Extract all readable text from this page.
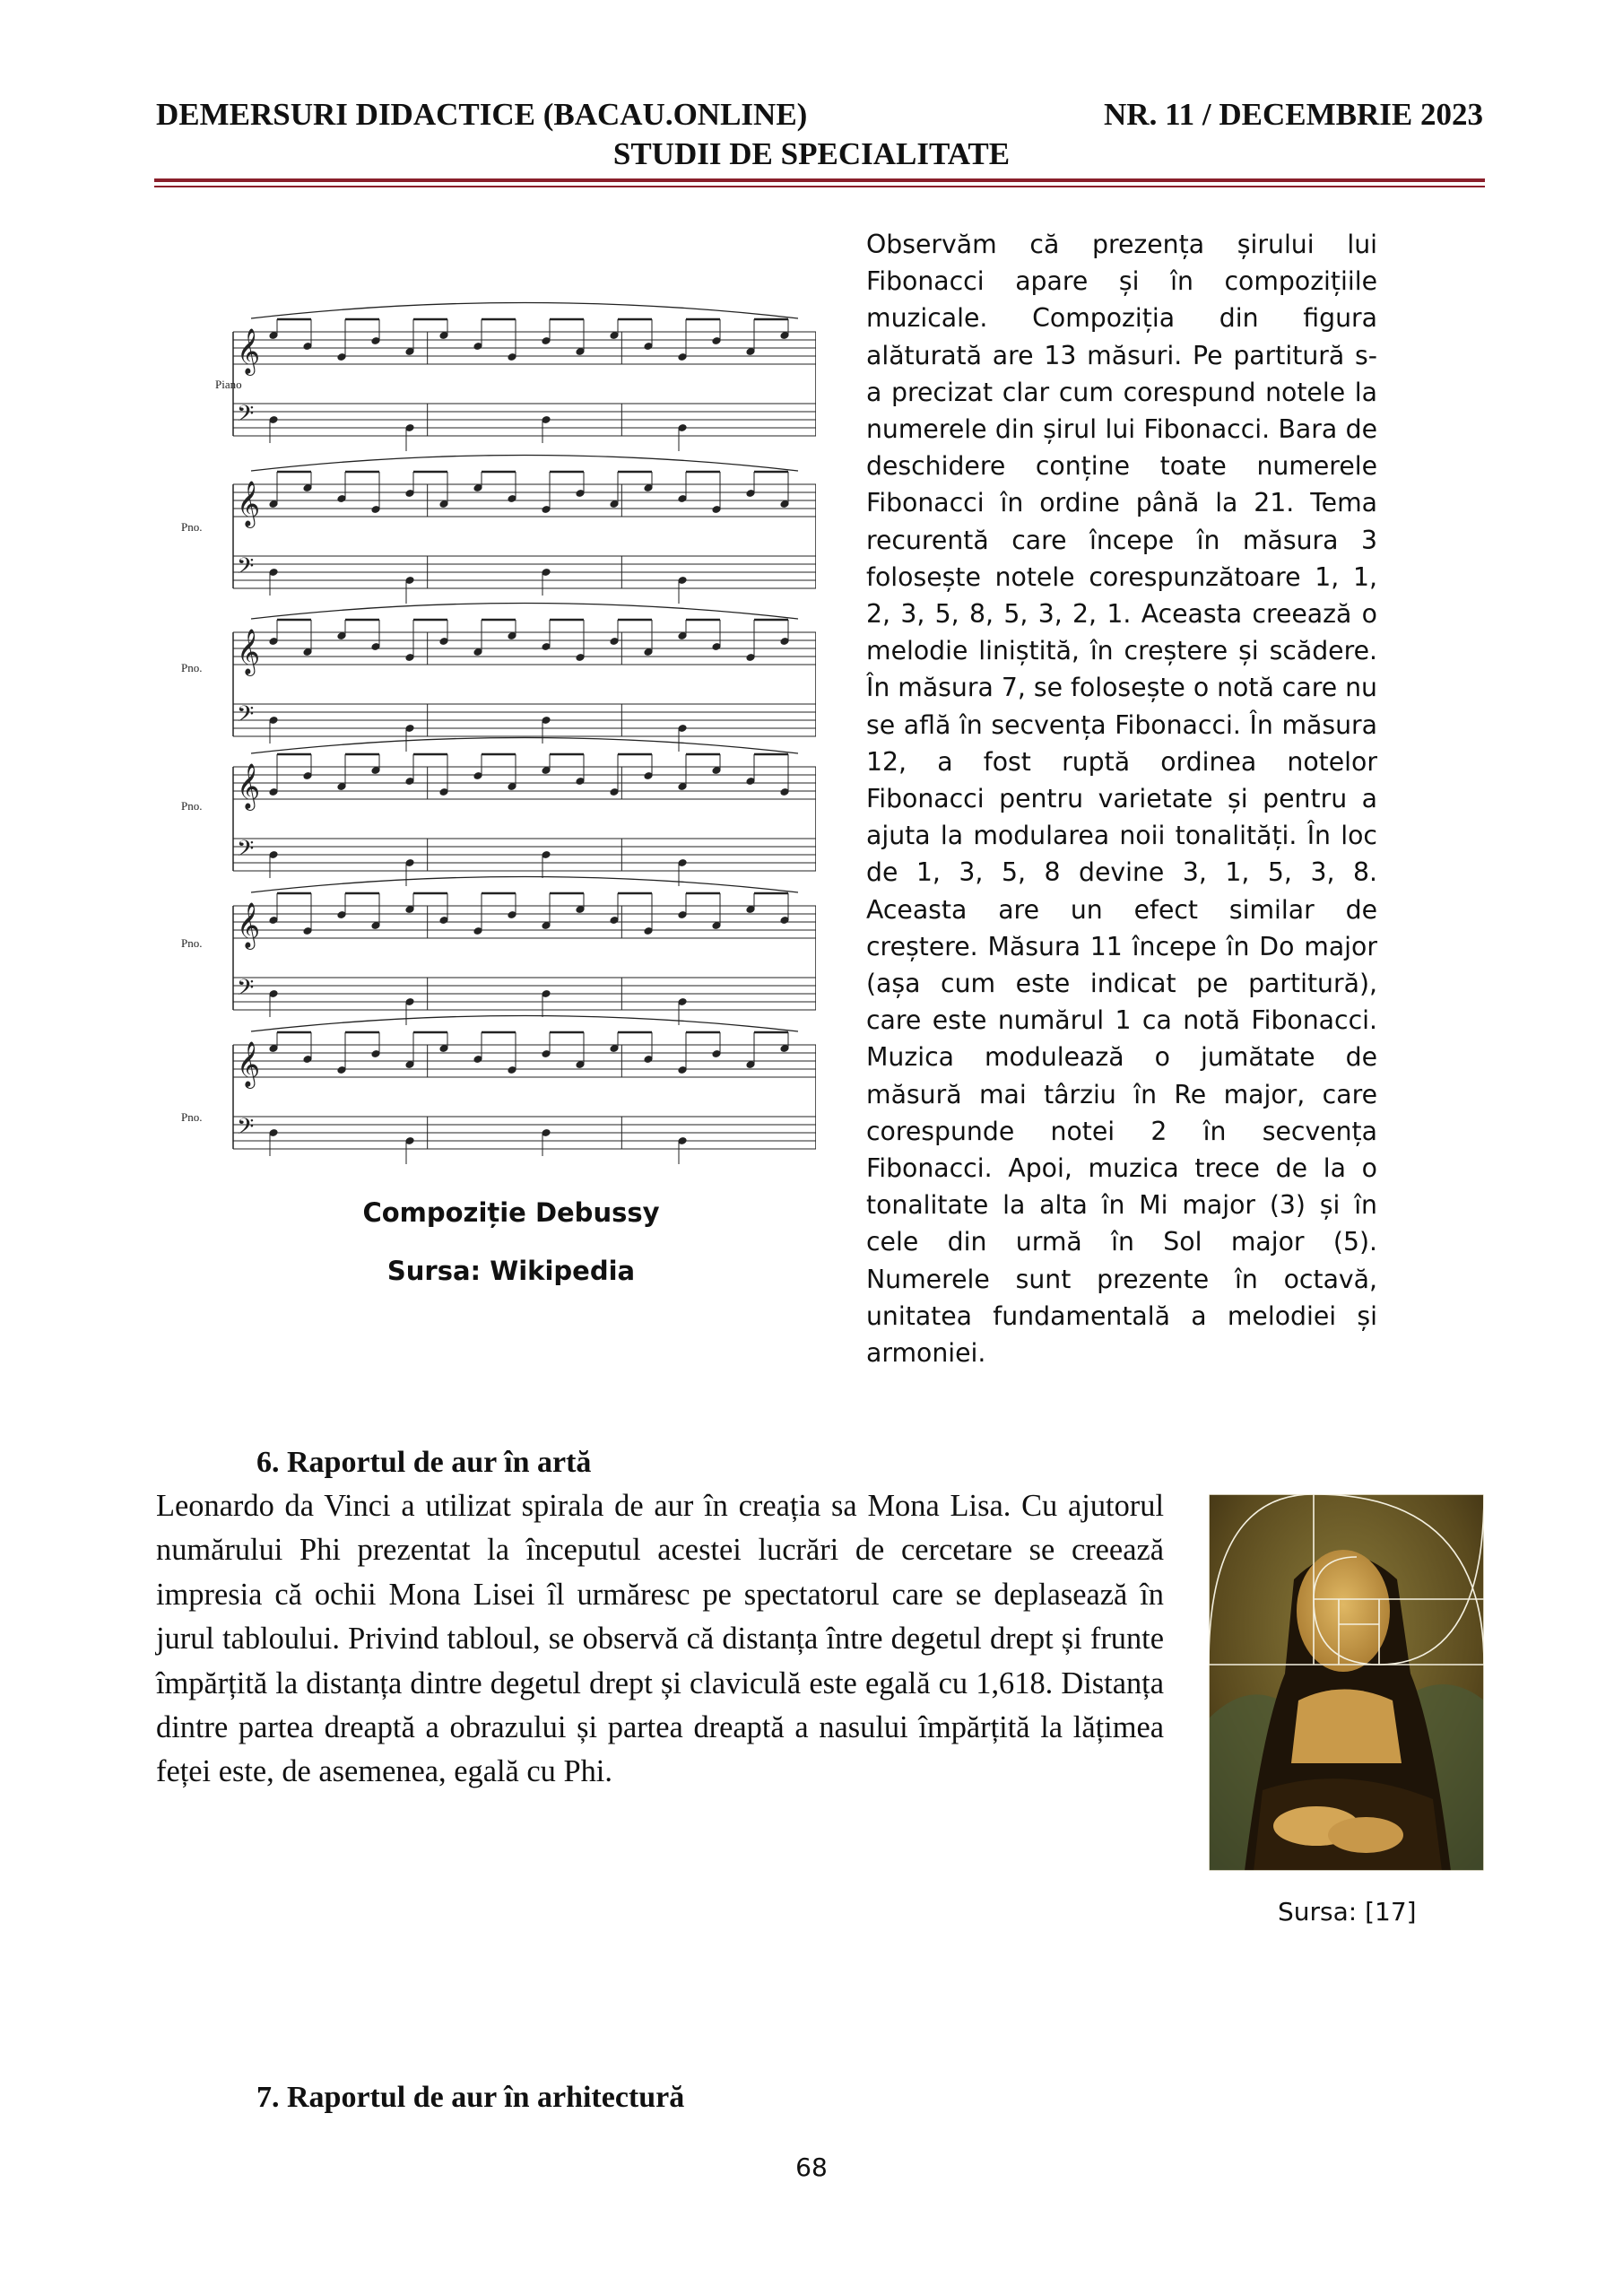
DEMERSURI DIDACTICE (BACAU.ONLINE)	NR. 11 / DECEMBRIE 2023
STUDII DE SPECIALITATE
𝄞
𝄢
𝄞
𝄢
𝄞
𝄢
𝄞
𝄢
𝄞
𝄢
𝄞
𝄢
Piano
Pno.
Pno.
Pno.
Pno.
Pno.
Compoziție Debussy
Sursa: Wikipedia
Observăm că prezența șirului lui Fibonacci apare și în compozițiile muzicale. Compoziția din figura alăturată are 13 măsuri. Pe partitură s-a precizat clar cum corespund notele la numerele din șirul lui Fibonacci. Bara de deschidere conține toate numerele Fibonacci în ordine până la 21. Tema recurentă care începe în măsura 3 folosește notele corespunzătoare 1, 1, 2, 3, 5, 8, 5, 3, 2, 1. Aceasta creează o melodie liniștită, în creștere și scădere. În măsura 7, se folosește o notă care nu se află în secvența Fibonacci. În măsura 12, a fost ruptă ordinea notelor Fibonacci pentru varietate și pentru a ajuta la modularea noii tonalități. În loc de 1, 3, 5, 8 devine 3, 1, 5, 3, 8. Aceasta are un efect similar de creștere. Măsura 11 începe în Do major (așa cum este indicat pe partitură), care este numărul 1 ca notă Fibonacci. Muzica modulează o jumătate de măsură mai târziu în Re major, care corespunde notei 2 în secvența Fibonacci. Apoi, muzica trece de la o tonalitate la alta în Mi major (3) și în cele din urmă în Sol major (5). Numerele sunt prezente în octavă, unitatea fundamentală a melodiei și armoniei.
6. Raportul de aur în artă
Leonardo da Vinci a utilizat spirala de aur în creația sa Mona Lisa. Cu ajutorul numărului Phi prezentat la începutul acestei lucrări de cercetare se creează impresia că ochii Mona Lisei îl urmăresc pe spectatorul care se deplasează în jurul tabloului. Privind tabloul, se observă că distanța între degetul drept și frunte împărțită la distanța dintre degetul drept și claviculă este egală cu 1,618. Distanța dintre partea dreaptă a obrazului și partea dreaptă a nasului împărțită la lățimea feței este, de asemenea, egală cu Phi.
Sursa: [17]
7. Raportul de aur în arhitectură
68
